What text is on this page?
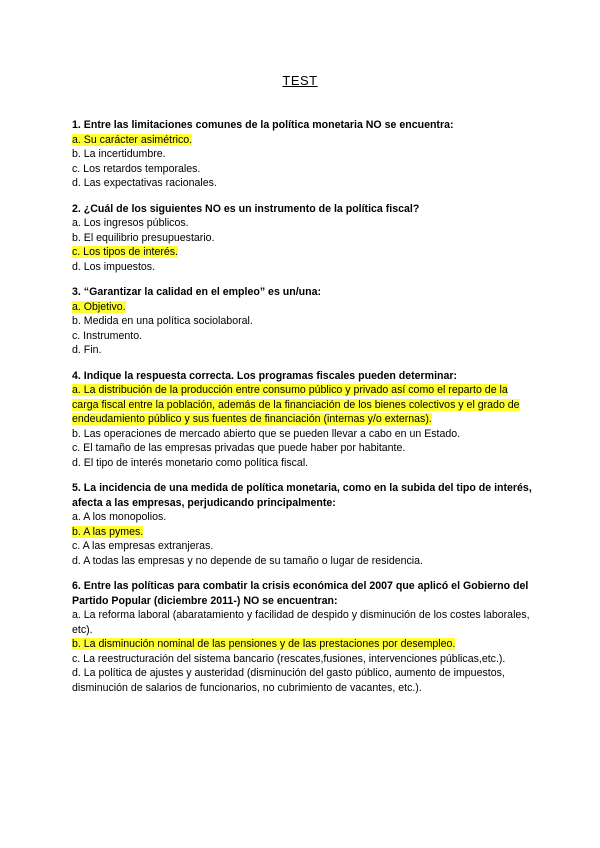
TEST

1. Entre las limitaciones comunes de la política monetaria NO se encuentra:

a. Su carácter asimétrico.

b. La incertidumbre.

c. Los retardos temporales.

d. Las expectativas racionales.

2. ¿Cuál de los siguientes NO es un instrumento de la política fiscal?

a. Los ingresos públicos.

b. El equilibrio presupuestario.

c. Los tipos de interés.

d. Los impuestos.

3. “Garantizar la calidad en el empleo” es un/una:

a. Objetivo.

b. Medida en una política sociolaboral.

c. Instrumento.

d. Fin.

4. Indique la respuesta correcta. Los programas fiscales pueden determinar:

a. La distribución de la producción entre consumo público y privado así como el reparto de la carga fiscal entre la población, además de la financiación de los bienes colectivos y el grado de endeudamiento público y sus fuentes de financiación (internas y/o externas).

b. Las operaciones de mercado abierto que se pueden llevar a cabo en un Estado.

c. El tamaño de las empresas privadas que puede haber por habitante.

d. El tipo de interés monetario como política fiscal.

5. La incidencia de una medida de política monetaria, como en la subida del tipo de interés, afecta a las empresas, perjudicando principalmente:

a. A los monopolios.

b. A las pymes.

c. A las empresas extranjeras.

d. A todas las empresas y no depende de su tamaño o lugar de residencia.

6. Entre las políticas para combatir la crisis económica del 2007 que aplicó el Gobierno del Partido Popular (diciembre 2011-) NO se encuentran:

a. La reforma laboral (abaratamiento y facilidad de despido y disminución de los costes laborales, etc).

b. La disminución nominal de las pensiones y de las prestaciones por desempleo.

c. La reestructuración del sistema bancario (rescates,fusiones, intervenciones públicas,etc.).

d. La política de ajustes y austeridad (disminución del gasto público, aumento de impuestos, disminución de salarios de funcionarios, no cubrimiento de vacantes, etc.).
